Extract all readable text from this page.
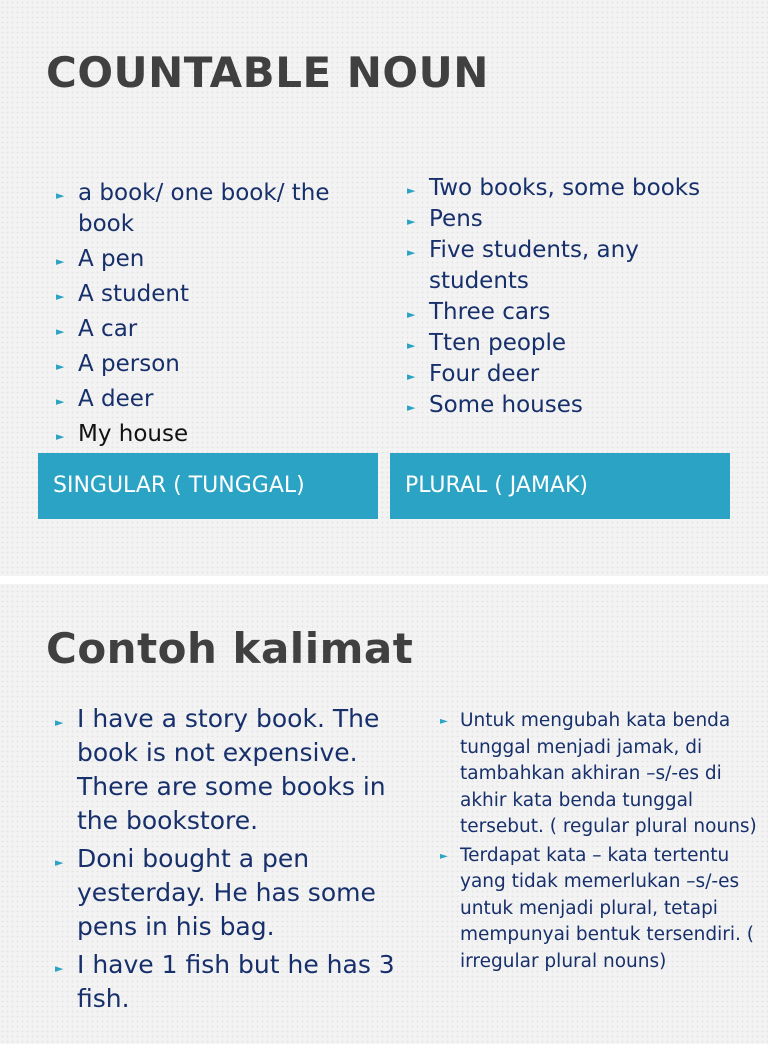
COUNTABLE NOUN
► a book/ one book/ the book
► A pen
► A student
► A car
► A person
► A deer
► My house
► Two books, some books
► Pens
► Five students, any students
► Three cars
► Tten people
► Four deer
► Some houses
SINGULAR ( TUNGGAL)	PLURAL ( JAMAK)
Contoh kalimat
► I have a story book. The book is not expensive. There are some books in the bookstore.
► Doni bought a pen yesterday. He has some pens in his bag.
► I have 1 fish but he has 3 fish.
► Untuk mengubah kata benda tunggal menjadi jamak, di tambahkan akhiran –s/-es di akhir kata benda tunggal tersebut. ( regular plural nouns)
► Terdapat kata – kata tertentu yang tidak memerlukan –s/-es untuk menjadi plural, tetapi mempunyai bentuk tersendiri. ( irregular plural nouns)
